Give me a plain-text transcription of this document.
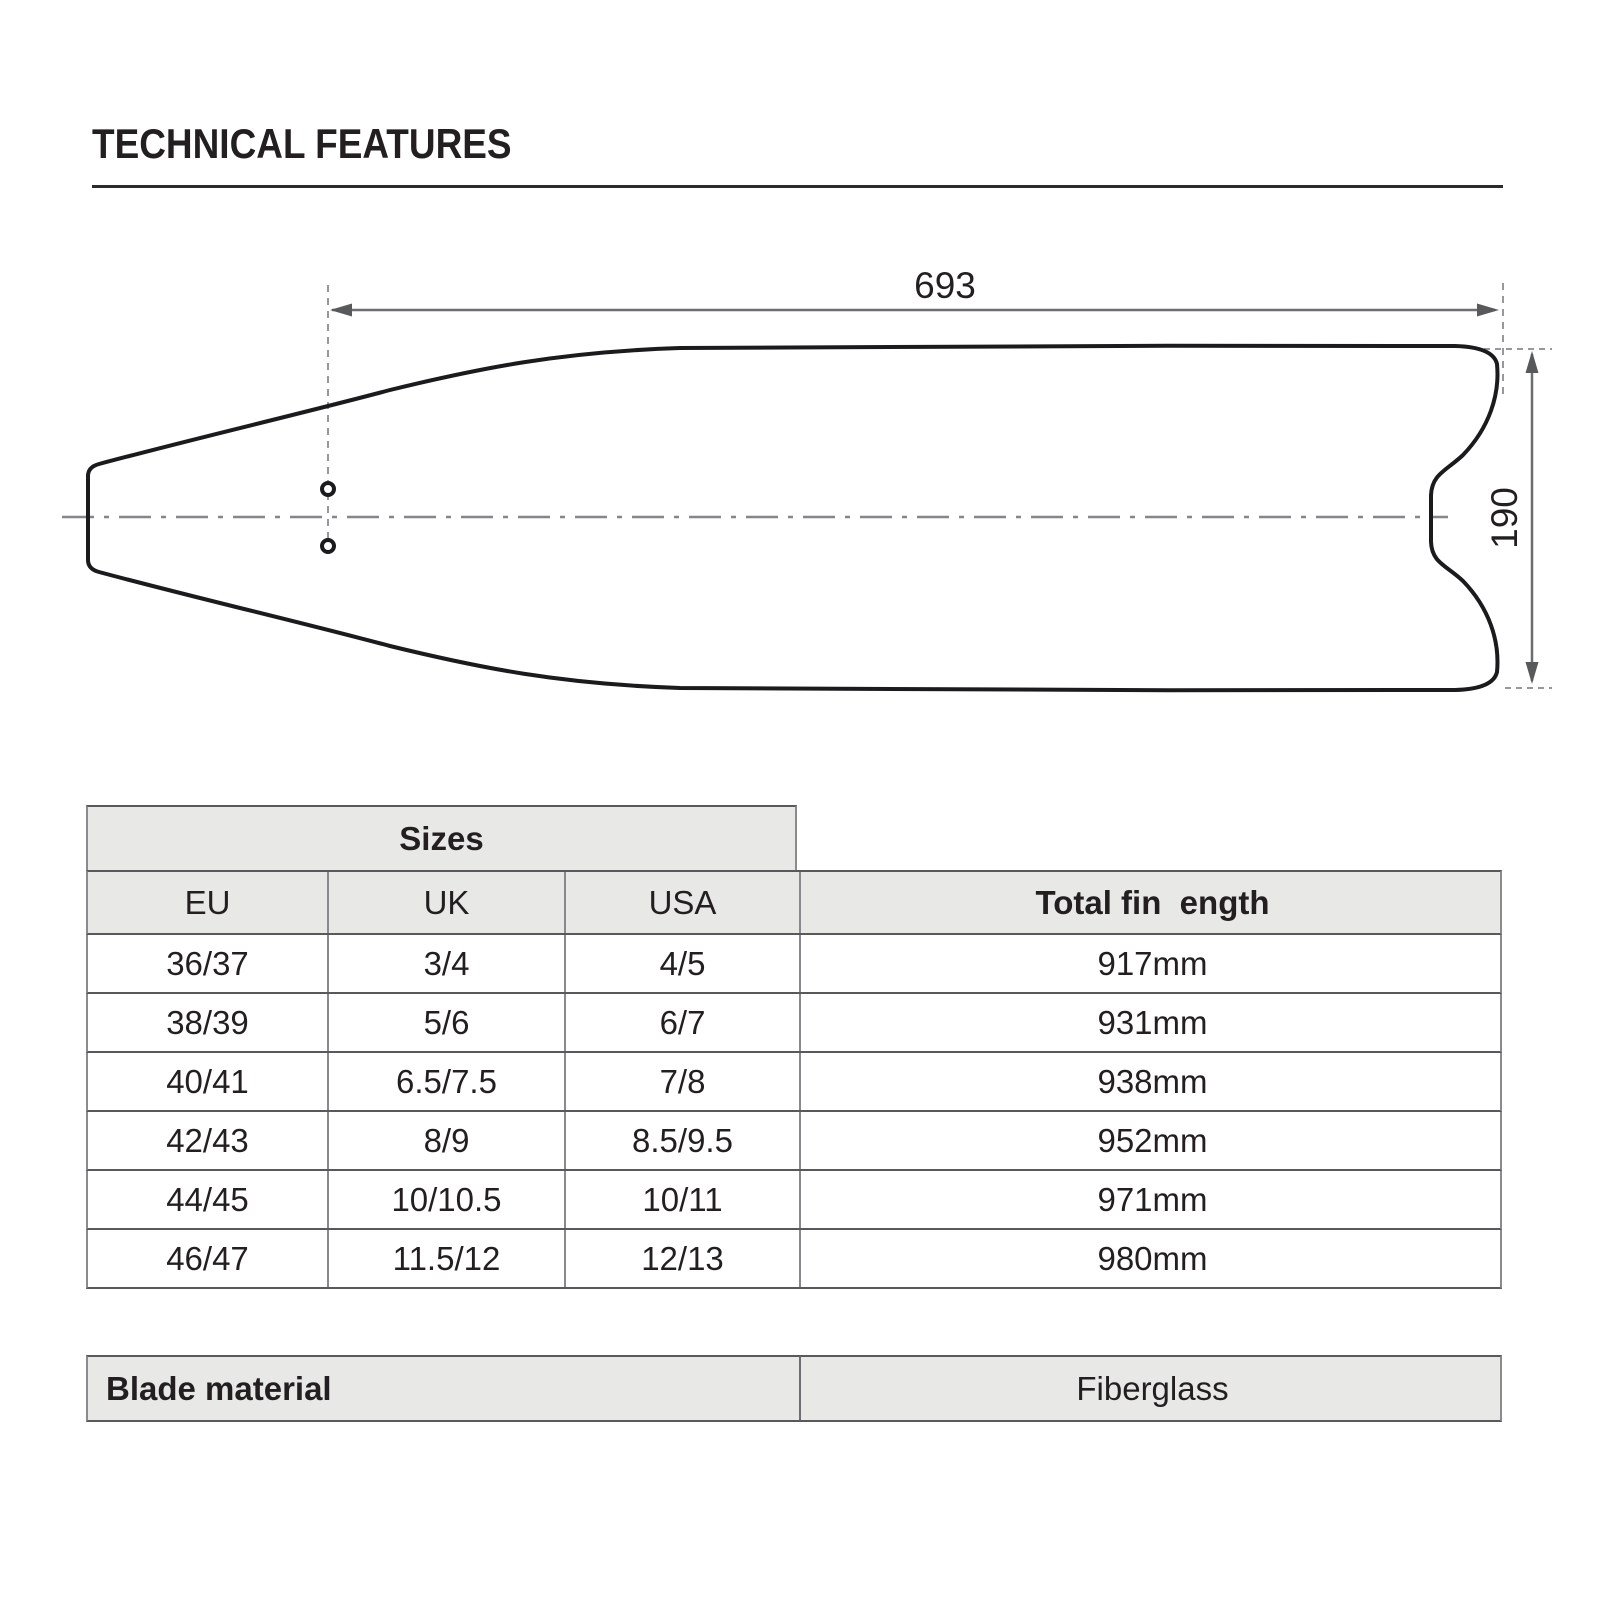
TECHNICAL FEATURES
693
190
Sizes
EU	UK	USA	Total fin  ength
36/37	3/4	4/5	917mm
38/39	5/6	6/7	931mm
40/41	6.5/7.5	7/8	938mm
42/43	8/9	8.5/9.5	952mm
44/45	10/10.5	10/11	971mm
46/47	11.5/12	12/13	980mm
Blade material	Fiberglass
